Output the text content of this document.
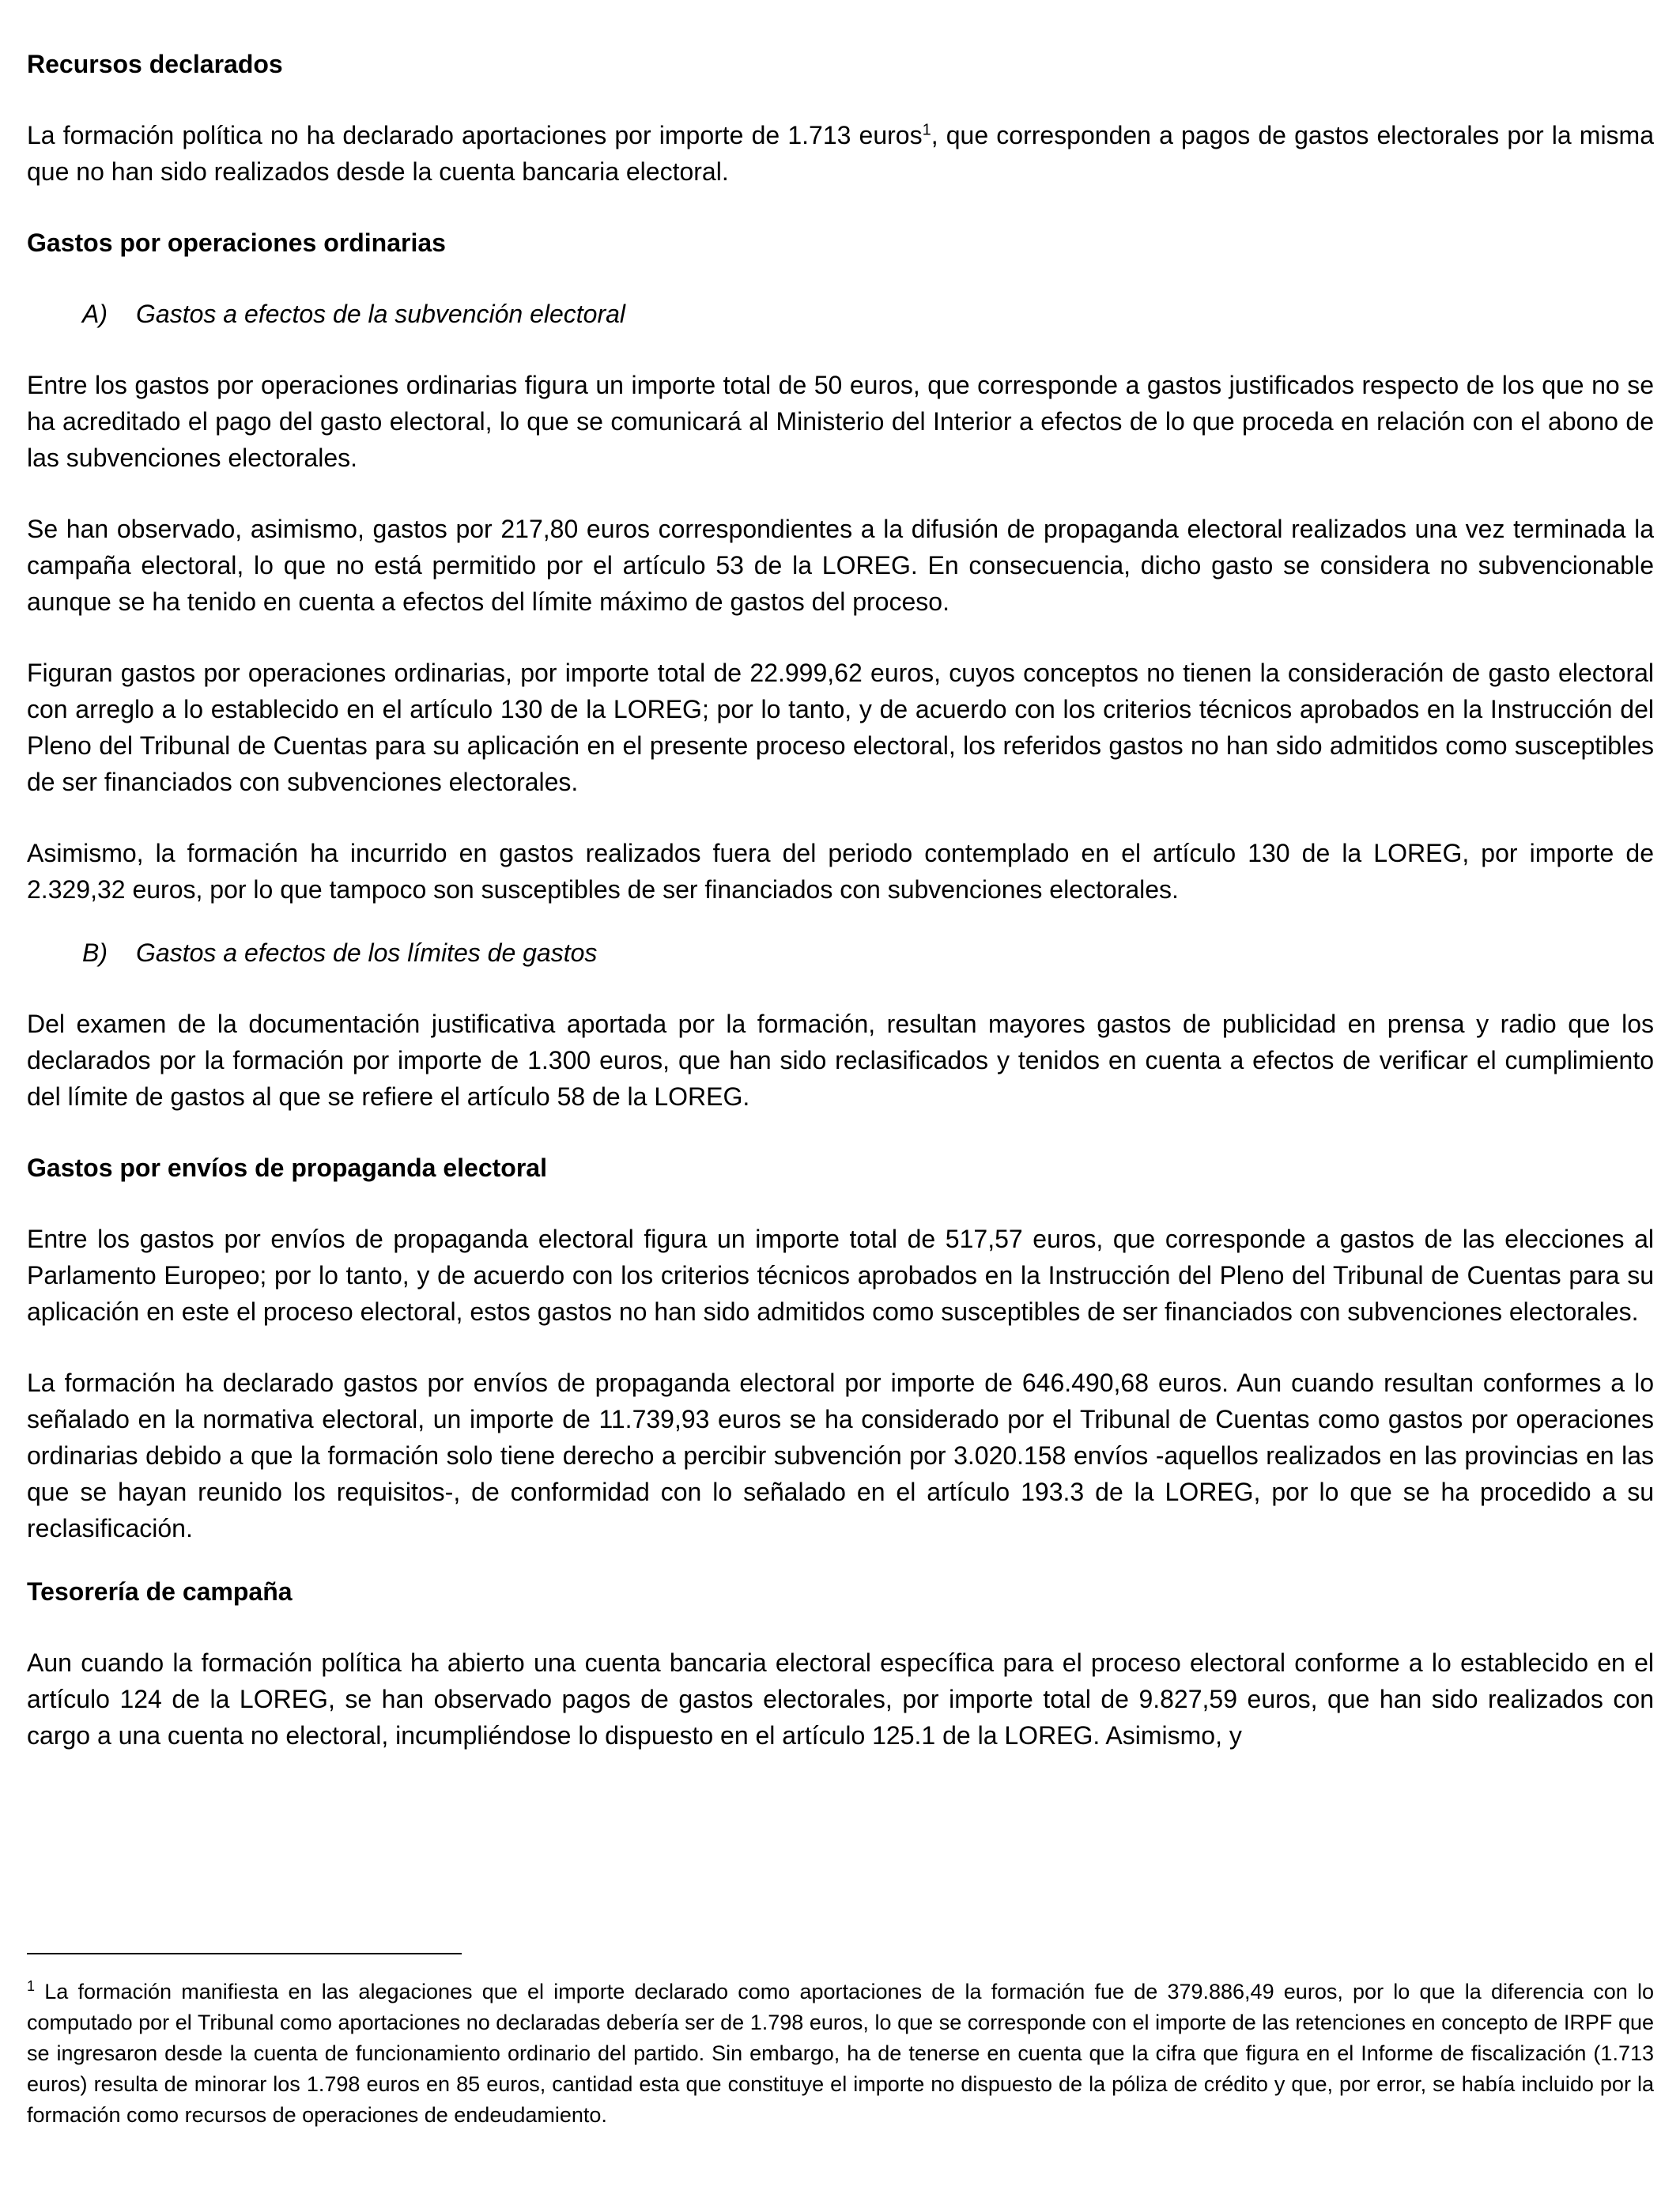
Recursos declarados
La formación política no ha declarado aportaciones por importe de 1.713 euros$^1$, que corresponden a pagos de gastos electorales por la misma que no han sido realizados desde la cuenta bancaria electoral.
Gastos por operaciones ordinarias
A) Gastos a efectos de la subvención electoral
Entre los gastos por operaciones ordinarias figura un importe total de 50 euros, que corresponde a gastos justificados respecto de los que no se ha acreditado el pago del gasto electoral, lo que se comunicará al Ministerio del Interior a efectos de lo que proceda en relación con el abono de las subvenciones electorales.
Se han observado, asimismo, gastos por 217,80 euros correspondientes a la difusión de propaganda electoral realizados una vez terminada la campaña electoral, lo que no está permitido por el artículo 53 de la LOREG. En consecuencia, dicho gasto se considera no subvencionable aunque se ha tenido en cuenta a efectos del límite máximo de gastos del proceso.
Figuran gastos por operaciones ordinarias, por importe total de 22.999,62 euros, cuyos conceptos no tienen la consideración de gasto electoral con arreglo a lo establecido en el artículo 130 de la LOREG; por lo tanto, y de acuerdo con los criterios técnicos aprobados en la Instrucción del Pleno del Tribunal de Cuentas para su aplicación en el presente proceso electoral, los referidos gastos no han sido admitidos como susceptibles de ser financiados con subvenciones electorales.
Asimismo, la formación ha incurrido en gastos realizados fuera del periodo contemplado en el artículo 130 de la LOREG, por importe de 2.329,32 euros, por lo que tampoco son susceptibles de ser financiados con subvenciones electorales.
B) Gastos a efectos de los límites de gastos
Del examen de la documentación justificativa aportada por la formación, resultan mayores gastos de publicidad en prensa y radio que los declarados por la formación por importe de 1.300 euros, que han sido reclasificados y tenidos en cuenta a efectos de verificar el cumplimiento del límite de gastos al que se refiere el artículo 58 de la LOREG.
Gastos por envíos de propaganda electoral
Entre los gastos por envíos de propaganda electoral figura un importe total de 517,57 euros, que corresponde a gastos de las elecciones al Parlamento Europeo; por lo tanto, y de acuerdo con los criterios técnicos aprobados en la Instrucción del Pleno del Tribunal de Cuentas para su aplicación en este el proceso electoral, estos gastos no han sido admitidos como susceptibles de ser financiados con subvenciones electorales.
La formación ha declarado gastos por envíos de propaganda electoral por importe de 646.490,68 euros. Aun cuando resultan conformes a lo señalado en la normativa electoral, un importe de 11.739,93 euros se ha considerado por el Tribunal de Cuentas como gastos por operaciones ordinarias debido a que la formación solo tiene derecho a percibir subvención por 3.020.158 envíos -aquellos realizados en las provincias en las que se hayan reunido los requisitos-, de conformidad con lo señalado en el artículo 193.3 de la LOREG, por lo que se ha procedido a su reclasificación.
Tesorería de campaña
Aun cuando la formación política ha abierto una cuenta bancaria electoral específica para el proceso electoral conforme a lo establecido en el artículo 124 de la LOREG, se han observado pagos de gastos electorales, por importe total de 9.827,59 euros, que han sido realizados con cargo a una cuenta no electoral, incumpliéndose lo dispuesto en el artículo 125.1 de la LOREG. Asimismo, y
$^1$ La formación manifiesta en las alegaciones que el importe declarado como aportaciones de la formación fue de 379.886,49 euros, por lo que la diferencia con lo computado por el Tribunal como aportaciones no declaradas debería ser de 1.798 euros, lo que se corresponde con el importe de las retenciones en concepto de IRPF que se ingresaron desde la cuenta de funcionamiento ordinario del partido. Sin embargo, ha de tenerse en cuenta que la cifra que figura en el Informe de fiscalización (1.713 euros) resulta de minorar los 1.798 euros en 85 euros, cantidad esta que constituye el importe no dispuesto de la póliza de crédito y que, por error, se había incluido por la formación como recursos de operaciones de endeudamiento.
